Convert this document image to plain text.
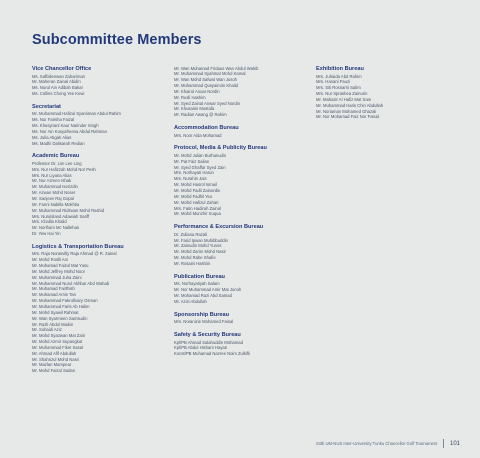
Subcommittee Members
Vice Chancellor Office
Ms. Saffalienwan Zahariman
Mr. Maheran Zainal Abidin
Ms. Nurul Ain Adibah Bakar
Ms. Collins Chong Yee Kewi
Secretariat
Mr. Muhammad Hafizul Syamiman Abdul Rahim
Ms. Nur Farisha Faizal
Ms. Khusynanl Kaur Narinder Singh
Ms. Nur Ain Kusyafreena Abdul Rahman
Ms. Julia Atigah Alias
Ms. Madhi Dalisarah Redian
Academic Bureau
Professor Dr. Lim Lee Ling
Mrs. Nur Hafizzah Mohd Nor Pesh
Mrs. Nur Liyana Alias
Mr. Nur Azreen Ishak
Mr. Muhammad Iserizdin
Mr. Azwan Mohd Noser
Mr. Sanjeev Raj Gopal
Mr. Fanni Nabilla Mokhtia
Mr. Muhammad Ridzwan Mohd Rashid
Mrs. Nurulsland Adawiah Sariff
Mrs. Khalila Khalid
Mr. Noriham Mc Nallehan
Dr. Yew Hai Yin
Logistics & Transportation Bureau
Mrs. Raja Norasvilly Raja Ahmad @ R. Zainal
Mr. Mohd Roslli Ani
Mr. Muhamad Faizul Mat Yusu
Mr. Mohd Jeffrey Mohd Noor
Mr. Muhammad Juha Zaini
Mr. Muhammad Nurul Akhbar Abd Wahab
Mr. Muhamad Fairthish
Mr. Muhamad Amin Tan
Mr. Muhammad Fakrulhairy Osman
Mr. Muhammad Faris Ab Halim
Mr. Mohd Syawil Rahmat
Mr. Wan Syarmeen Samsudin
Mr. Razli Abdul Maikin
Mr. Suhaidi Aziz
Mr. Mohd Syazwan Mat Zain
Mr. Mohd Azmir Supangkat
Mr. Muhammad Fiket Sasal
Mr. Ahmad Afif Abdullah
Mr. Shahrizul Mohd Nasri
Mr. Mazlan Mampear
Mr. Mohd Faizal Sadan
Mr. Wan Muhamad Firdaus Wan Abdul Wahib
Mr. Muhammad Syahmat Mohd Kamal
Mr. Wan Mohd Safwat Wan Jusoh
Mr. Muhammad Qusyaimim Khalid
Mr. Khairul Anuar Nordin
Mr. Rusli Hashim
Mr. Syed Zainal Anwar Syed Nordin
Mr. Khusaimi Mustafa
Mr. Radian Awang @ Rahim
Accommodation Bureau
Mrs. Noor Aida Mohamad
Protocol, Media & Publicity Bureau
Mr. Mohd Julian Burhanudin
Mr. Pat Faiz Sailan
Mr. Syed Ghaffar Syed Zain
Mrs. Norhayati Harun
Mrs. Nurahin Jais
Mr. Mohd Hasrol Ismail
Mr. Mohd Fadil Zainordin
Mr. Mohd Fadhil Yeo
Mr. Mohd Hafizul Zahari
Mrs. Fatin Hadirah Zainol
Mr. Mohd Munzhir Suqua
Performance & Excursion Bureau
Dr. Zuliana Razali
Mr. Farid Ipwan Muhibbuddin
Mr. Zainudin Mohd Yunos
Mr. Mohd Zarim Mohd Nasir
Mr. Mohd Rahe Shafie
Mr. Rosaini Hashim
Publication Bureau
Ms. Norhayatiyah Salam
Mr. Nor Muhammad Amir Mat Junoh
Mr. Mohamad Razi Abd Samad
Mr. Azizi Abdullah
Sponsorship Bureau
Mrs. Noranizie Mohamed Faisal
Safety & Security Bureau
Kpl/PB Ahmad Salahuddin Mohamad
Kpl/PB Abdul Hisham Hayati
Konst/PB Muhamad Nazree Noim Zulkifli
Exhibition Bureau
Mrs. Juhaida Abd Rahim
Mrs. Hanani Fauzi
Mrs. Siti Rosnarni Salim
Mrs. Nur Sprashea Zainurin
Mr. Mahazir Al Hafiz Mat Sam
Mr. Muhammad Haris Chin Abdullah
Mr. Noriaman Mohamed Ghazali
Mr. Nor Mohamad Faiz Nor Faisal
54th UM-NUS Inter-University Tunku Chancellor Golf Tournament 101
